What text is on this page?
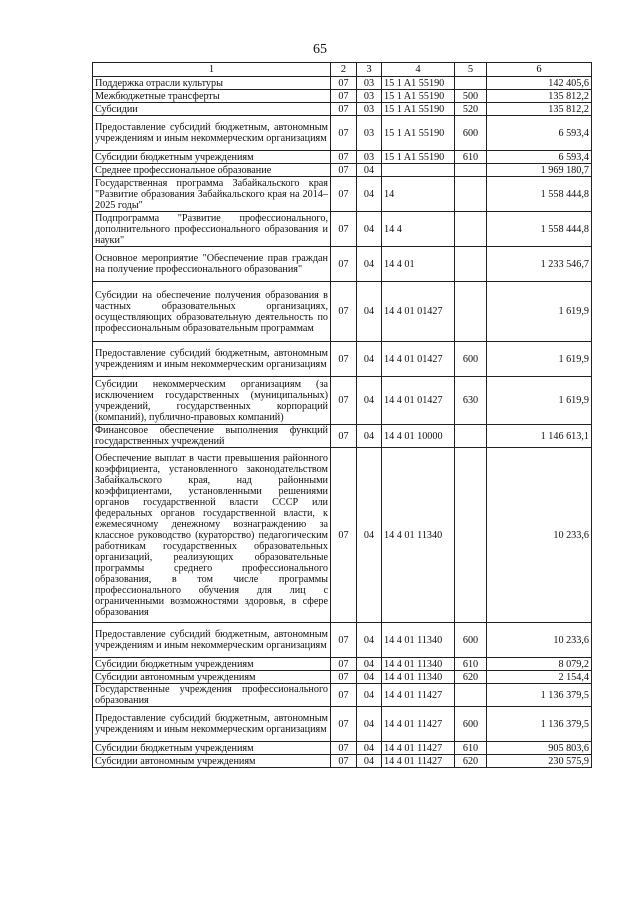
65
1	2	3	4	5	6
Поддержка отрасли культуры	07	03	15 1 A1 55190		142 405,6
Межбюджетные трансферты	07	03	15 1 A1 55190	500	135 812,2
Субсидии	07	03	15 1 A1 55190	520	135 812,2
Предоставление субсидий бюджетным, автономным учреждениям и иным некоммерческим организациям	07	03	15 1 A1 55190	600	6 593,4
Субсидии бюджетным учреждениям	07	03	15 1 A1 55190	610	6 593,4
Среднее профессиональное образование	07	04			1 969 180,7
Государственная программа Забайкальского края "Развитие образования Забайкальского края на 2014–2025 годы"	07	04	14		1 558 444,8
Подпрограмма "Развитие профессионального, дополнительного профессионального образования и науки"	07	04	14 4		1 558 444,8
Основное мероприятие "Обеспечение прав граждан на получение профессионального образования"	07	04	14 4 01		1 233 546,7
Субсидии на обеспечение получения образования в частных образовательных организациях, осуществляющих образовательную деятельность по профессиональным образовательным программам	07	04	14 4 01 01427		1 619,9
Предоставление субсидий бюджетным, автономным учреждениям и иным некоммерческим организациям	07	04	14 4 01 01427	600	1 619,9
Субсидии некоммерческим организациям (за исключением государственных (муниципальных) учреждений, государственных корпораций (компаний), публично-правовых компаний)	07	04	14 4 01 01427	630	1 619,9
Финансовое обеспечение выполнения функций государственных учреждений	07	04	14 4 01 10000		1 146 613,1
Обеспечение выплат в части превышения районного коэффициента, установленного законодательством Забайкальского края, над районными коэффициентами, установленными решениями органов государственной власти СССР или федеральных органов государственной власти, к ежемесячному денежному вознаграждению за классное руководство (кураторство) педагогическим работникам государственных образовательных организаций, реализующих образовательные программы среднего профессионального образования, в том числе программы профессионального обучения для лиц с ограниченными возможностями здоровья, в сфере образования	07	04	14 4 01 11340		10 233,6
Предоставление субсидий бюджетным, автономным учреждениям и иным некоммерческим организациям	07	04	14 4 01 11340	600	10 233,6
Субсидии бюджетным учреждениям	07	04	14 4 01 11340	610	8 079,2
Субсидии автономным учреждениям	07	04	14 4 01 11340	620	2 154,4
Государственные учреждения профессионального образования	07	04	14 4 01 11427		1 136 379,5
Предоставление субсидий бюджетным, автономным учреждениям и иным некоммерческим организациям	07	04	14 4 01 11427	600	1 136 379,5
Субсидии бюджетным учреждениям	07	04	14 4 01 11427	610	905 803,6
Субсидии автономным учреждениям	07	04	14 4 01 11427	620	230 575,9
